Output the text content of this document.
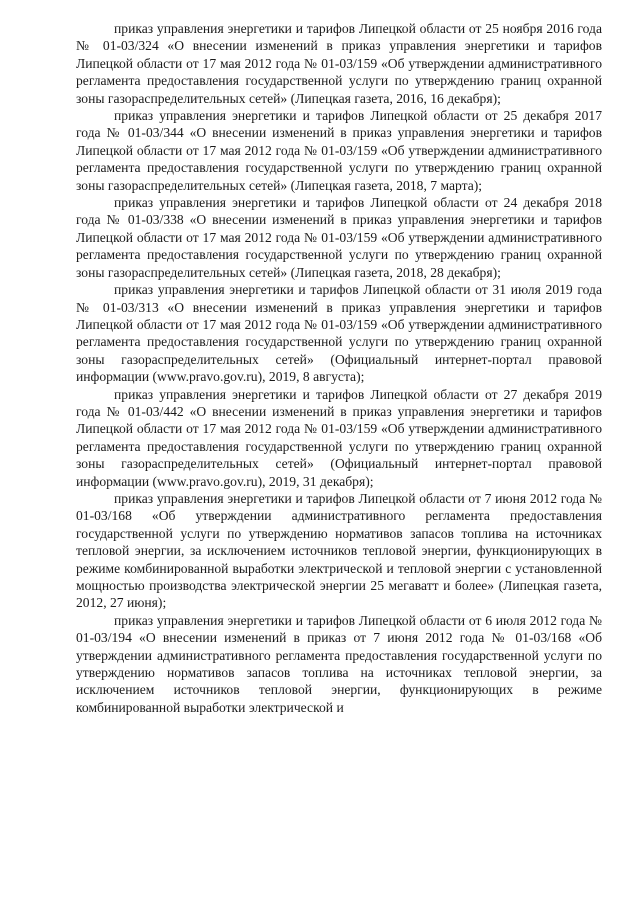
приказ управления энергетики и тарифов Липецкой области от 25 ноября 2016 года № 01-03/324 «О внесении изменений в приказ управления энергетики и тарифов Липецкой области от 17 мая 2012 года № 01-03/159 «Об утверждении административного регламента предоставления государственной услуги по утверждению границ охранной зоны газораспределительных сетей» (Липецкая газета, 2016, 16 декабря);

приказ управления энергетики и тарифов Липецкой области от 25 декабря 2017 года № 01-03/344 «О внесении изменений в приказ управления энергетики и тарифов Липецкой области от 17 мая 2012 года № 01-03/159 «Об утверждении административного регламента предоставления государственной услуги по утверждению границ охранной зоны газораспределительных сетей» (Липецкая газета, 2018, 7 марта);

приказ управления энергетики и тарифов Липецкой области от 24 декабря 2018 года № 01-03/338 «О внесении изменений в приказ управления энергетики и тарифов Липецкой области от 17 мая 2012 года № 01-03/159 «Об утверждении административного регламента предоставления государственной услуги по утверждению границ охранной зоны газораспределительных сетей» (Липецкая газета, 2018, 28 декабря);

приказ управления энергетики и тарифов Липецкой области от 31 июля 2019 года № 01-03/313 «О внесении изменений в приказ управления энергетики и тарифов Липецкой области от 17 мая 2012 года № 01-03/159 «Об утверждении административного регламента предоставления государственной услуги по утверждению границ охранной зоны газораспределительных сетей» (Официальный интернет-портал правовой информации (www.pravo.gov.ru), 2019, 8 августа);

приказ управления энергетики и тарифов Липецкой области от 27 декабря 2019 года № 01-03/442 «О внесении изменений в приказ управления энергетики и тарифов Липецкой области от 17 мая 2012 года № 01-03/159 «Об утверждении административного регламента предоставления государственной услуги по утверждению границ охранной зоны газораспределительных сетей» (Официальный интернет-портал правовой информации (www.pravo.gov.ru), 2019, 31 декабря);

приказ управления энергетики и тарифов Липецкой области от 7 июня 2012 года № 01-03/168 «Об утверждении административного регламента предоставления государственной услуги по утверждению нормативов запасов топлива на источниках тепловой энергии, за исключением источников тепловой энергии, функционирующих в режиме комбинированной выработки электрической и тепловой энергии с установленной мощностью производства электрической энергии 25 мегаватт и более» (Липецкая газета, 2012, 27 июня);

приказ управления энергетики и тарифов Липецкой области от 6 июля 2012 года № 01-03/194 «О внесении изменений в приказ от 7 июня 2012 года № 01-03/168 «Об утверждении административного регламента предоставления государственной услуги по утверждению нормативов запасов топлива на источниках тепловой энергии, за исключением источников тепловой энергии, функционирующих в режиме комбинированной выработки электрической и
